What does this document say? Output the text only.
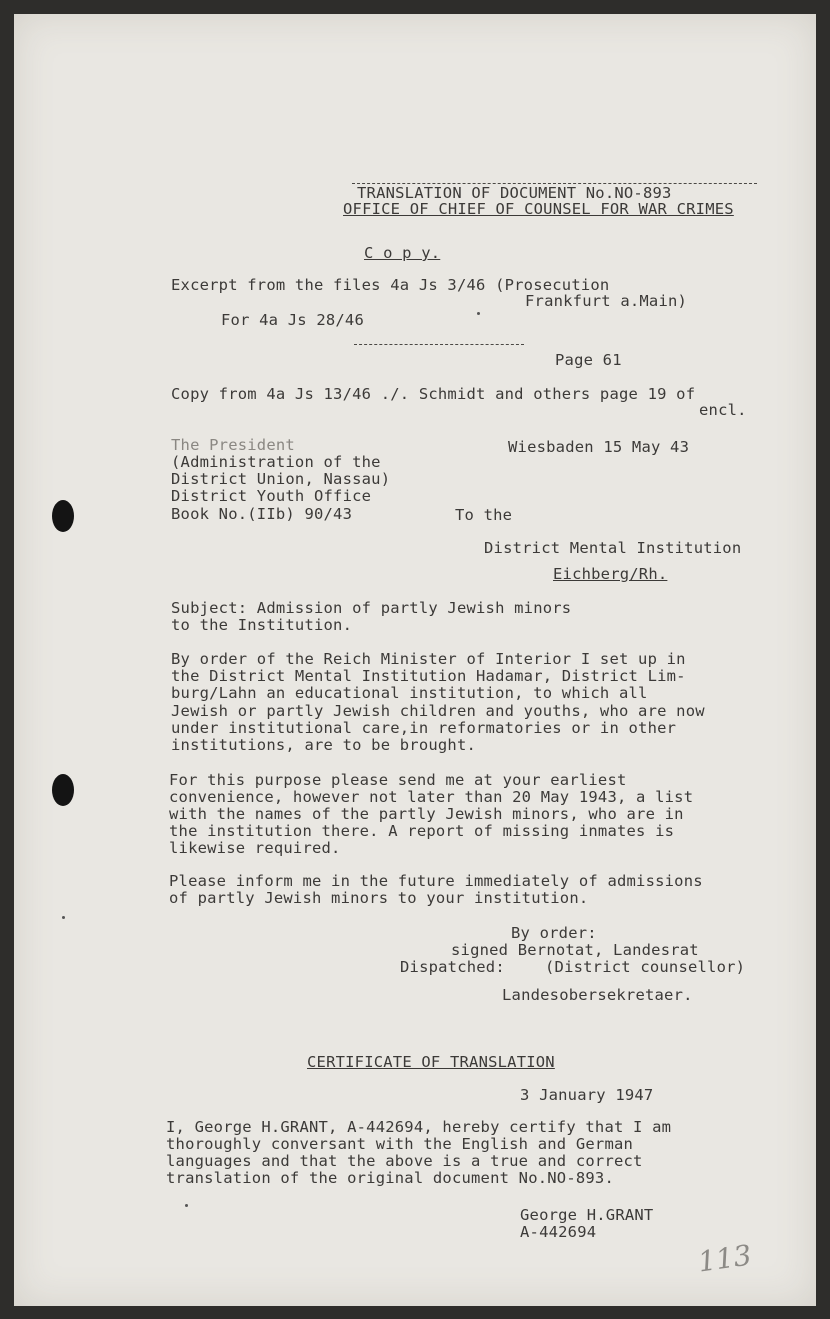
TRANSLATION OF DOCUMENT No.NO-893
OFFICE OF CHIEF OF COUNSEL FOR WAR CRIMES
C o p y.
Excerpt from the files 4a Js 3/46 (Prosecution
Frankfurt a.Main)
For 4a Js 28/46
Page 61
Copy from 4a Js 13/46 ./. Schmidt and others page 19 of
encl.
The President
(Administration of the
District Union, Nassau)
District Youth Office
Book No.(IIb) 90/43
Wiesbaden 15 May 43
To the
District Mental Institution
Eichberg/Rh.
Subject: Admission of partly Jewish minors
to the Institution.
By order of the Reich Minister of Interior I set up in
the District Mental Institution Hadamar, District Lim-
burg/Lahn an educational institution, to which all
Jewish or partly Jewish children and youths, who are now
under institutional care,in reformatories or in other
institutions, are to be brought.
For this purpose please send me at your earliest
convenience, however not later than 20 May 1943, a list
with the names of the partly Jewish minors, who are in
the institution there. A report of missing inmates is
likewise required.
Please inform me in the future immediately of admissions
of partly Jewish minors to your institution.
By order:
signed Bernotat, Landesrat
Dispatched:	(District counsellor)
Landesobersekretaer.
CERTIFICATE OF TRANSLATION
3 January 1947
I, George H.GRANT, A-442694, hereby certify that I am
thoroughly conversant with the English and German
languages and that the above is a true and correct
translation of the original document No.NO-893.
George H.GRANT
A-442694
113
